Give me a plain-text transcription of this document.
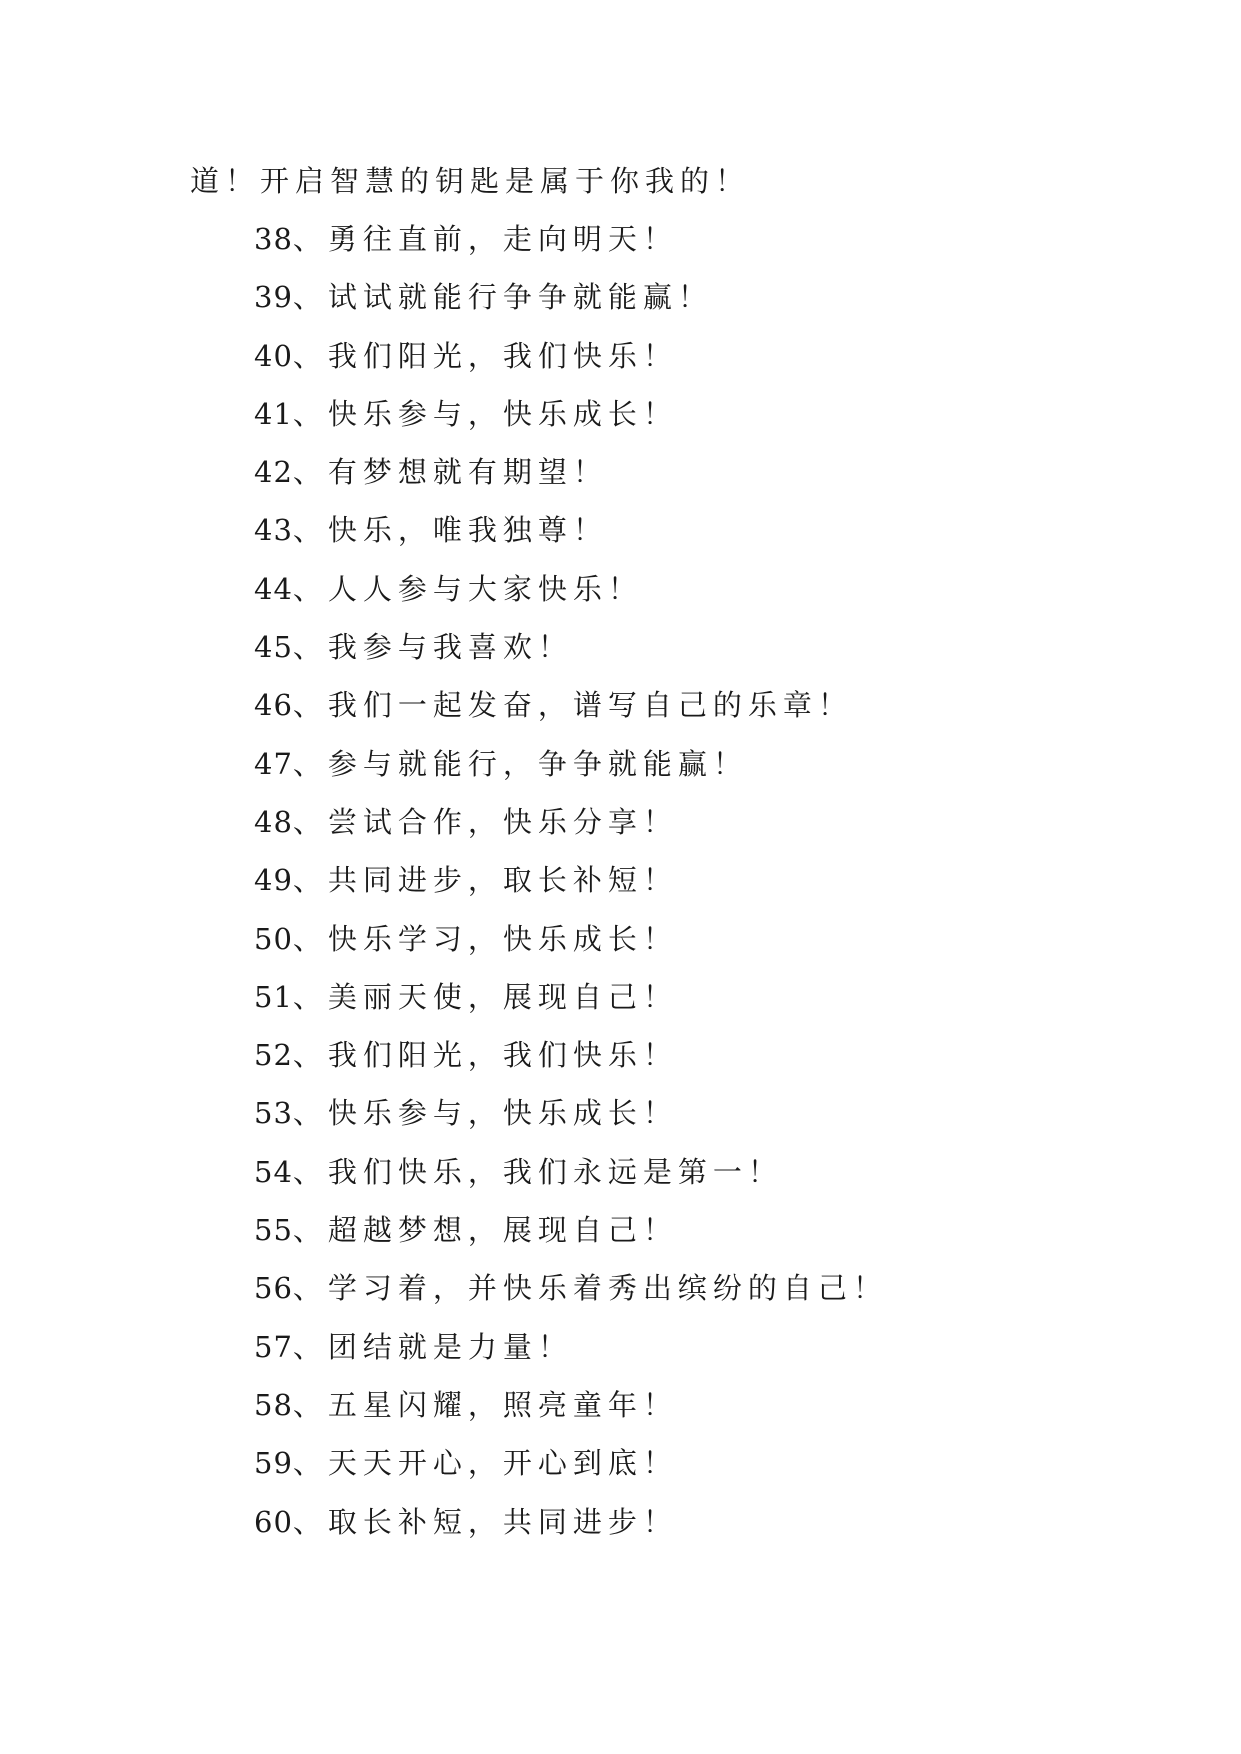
道！开启智慧的钥匙是属于你我的！
38、勇往直前，走向明天！
39、试试就能行争争就能赢！
40、我们阳光，我们快乐！
41、快乐参与，快乐成长！
42、有梦想就有期望！
43、快乐，唯我独尊！
44、人人参与大家快乐！
45、我参与我喜欢！
46、我们一起发奋，谱写自己的乐章！
47、参与就能行，争争就能赢！
48、尝试合作，快乐分享！
49、共同进步，取长补短！
50、快乐学习，快乐成长！
51、美丽天使，展现自己！
52、我们阳光，我们快乐！
53、快乐参与，快乐成长！
54、我们快乐，我们永远是第一！
55、超越梦想，展现自己！
56、学习着，并快乐着秀出缤纷的自己！
57、团结就是力量！
58、五星闪耀，照亮童年！
59、天天开心，开心到底！
60、取长补短，共同进步！
